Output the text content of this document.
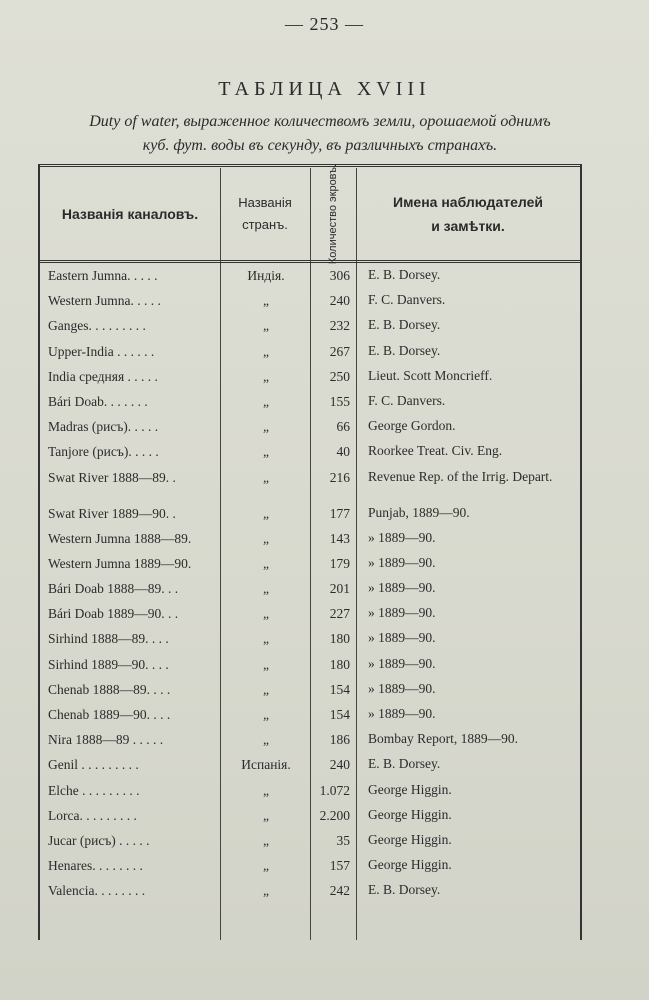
— 253 —
ТАБЛИЦА XVIII
Duty of water, выраженное количествомъ земли, орошаемой однимъ
куб. фут. воды въ секунду, въ различныхъ странахъ.
Названія каналовъ.
Названія
странъ.	Количество экровъ.	Имена наблюдателей
и замѣтки.
Eastern Jumna. . . . .	Индія.	306 E. B. Dorsey.
Western Jumna. . . . .	„	240 F. C. Danvers.
Ganges. . . . . . . . .	„	232 E. B. Dorsey.
Upper-India . . . . . .	„	267 E. B. Dorsey.
India средняя . . . . .	„	250 Lieut. Scott Moncrieff.
Bári Doab. . . . . . .	„	155 F. C. Danvers.
Madras (рисъ). . . . .	„	66 George Gordon.
Tanjore (рисъ). . . . .	„	40 Roorkee Treat. Civ. Eng.
Swat River 1888—89. .	„	216 Revenue Rep. of the Irrig. Depart.
Swat River 1889—90. .	„	177 Punjab, 1889—90.
Western Jumna 1888—89.	„	143 » 1889—90.
Western Jumna 1889—90.	„	179 » 1889—90.
Bári Doab 1888—89. . .	„	201 » 1889—90.
Bári Doab 1889—90. . .	„	227 » 1889—90.
Sirhind 1888—89. . . .	„	180 » 1889—90.
Sirhind 1889—90. . . .	„	180 » 1889—90.
Chenab 1888—89. . . .	„	154 » 1889—90.
Chenab 1889—90. . . .	„	154 » 1889—90.
Nira 1888—89 . . . . .	„	186 Bombay Report, 1889—90.
Genil . . . . . . . . .	Испанія.	240 E. B. Dorsey.
Elche . . . . . . . . .	„	1.072 George Higgin.
Lorca. . . . . . . . .	„	2.200 George Higgin.
Jucar (рисъ) . . . . .	„	35 George Higgin.
Henares. . . . . . . .	„	157 George Higgin.
Valencia. . . . . . . .	„	242 E. B. Dorsey.
